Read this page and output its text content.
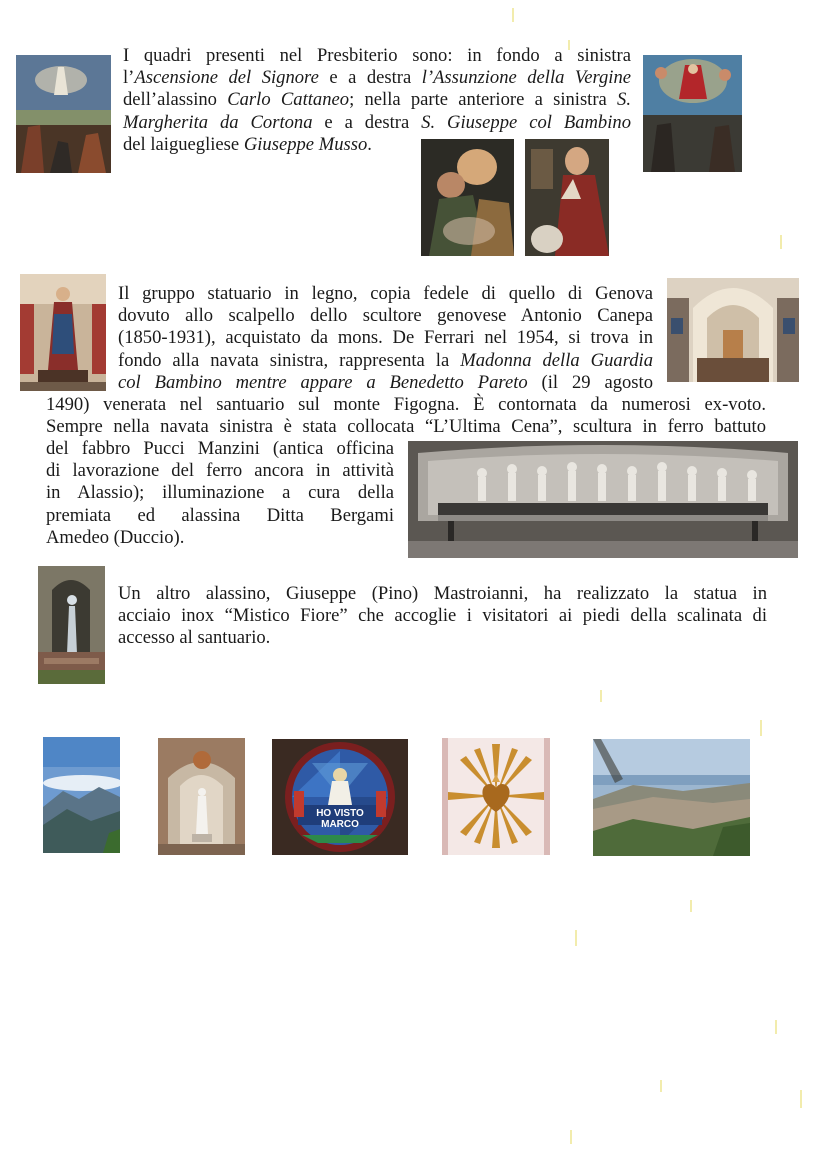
I quadri presenti nel Presbiterio sono: in fondo a sinistra
l’Ascensione del Signore e a destra l’Assunzione della Vergine
dell’alassino Carlo Cattaneo; nella parte anteriore a sinistra S.
Margherita da Cortona e a destra S. Giuseppe col Bambino
del laiguegliese Giuseppe Musso.
Il gruppo statuario in legno, copia fedele di quello di Genova
dovuto allo scalpello dello scultore genovese Antonio Canepa
(1850-1931), acquistato da mons. De Ferrari nel 1954, si trova in
fondo alla navata sinistra, rappresenta la Madonna della Guardia
col Bambino mentre appare a Benedetto Pareto (il 29 agosto
1490) venerata nel santuario sul monte Figogna. È contornata da numerosi ex-voto.
Sempre nella navata sinistra è stata collocata “L’Ultima Cena”, scultura in ferro battuto
del fabbro Pucci Manzini (antica officina
di lavorazione del ferro ancora in attività
in Alassio); illuminazione a cura della
premiata ed alassina Ditta Bergami
Amedeo (Duccio).
Un altro alassino, Giuseppe (Pino) Mastroianni, ha realizzato la statua in
acciaio inox “Mistico Fiore” che accoglie i visitatori ai piedi della scalinata di
accesso al santuario.
HO VISTO
MARCO
